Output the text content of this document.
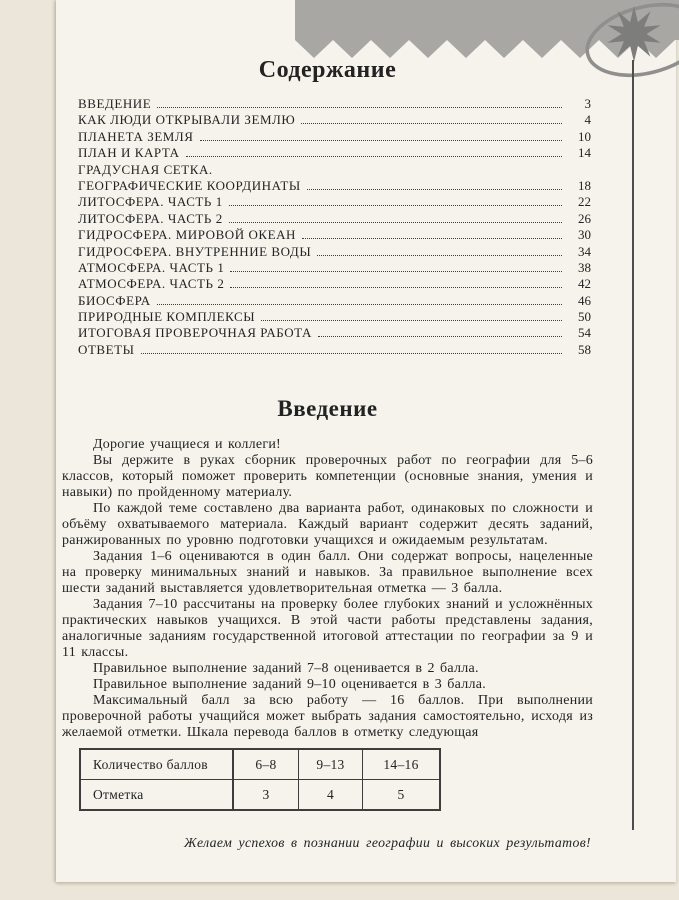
Содержание
ВВЕДЕНИЕ	3
КАК ЛЮДИ ОТКРЫВАЛИ ЗЕМЛЮ	4
ПЛАНЕТА ЗЕМЛЯ	10
ПЛАН И КАРТА	14
ГРАДУСНАЯ СЕТКА.
ГЕОГРАФИЧЕСКИЕ КООРДИНАТЫ	18
ЛИТОСФЕРА. ЧАСТЬ 1	22
ЛИТОСФЕРА. ЧАСТЬ 2	26
ГИДРОСФЕРА. МИРОВОЙ ОКЕАН	30
ГИДРОСФЕРА. ВНУТРЕННИЕ ВОДЫ	34
АТМОСФЕРА. ЧАСТЬ 1	38
АТМОСФЕРА. ЧАСТЬ 2	42
БИОСФЕРА	46
ПРИРОДНЫЕ КОМПЛЕКСЫ	50
ИТОГОВАЯ ПРОВЕРОЧНАЯ РАБОТА	54
ОТВЕТЫ	58
Введение

Дорогие учащиеся и коллеги!

Вы держите в руках сборник проверочных работ по географии для 5–6 классов, который поможет проверить компетенции (основные знания, умения и навыки) по пройденному материалу.

По каждой теме составлено два варианта работ, одинаковых по сложности и объёму охватываемого материала. Каждый вариант содержит десять заданий, ранжированных по уровню подготовки учащихся и ожидаемым результатам.

Задания 1–6 оцениваются в один балл. Они содержат вопросы, нацеленные на проверку минимальных знаний и навыков. За правильное выполнение всех шести заданий выставляется удовлетворительная отметка — 3 балла.

Задания 7–10 рассчитаны на проверку более глубоких знаний и усложнённых практических навыков учащихся. В этой части работы представлены задания, аналогичные заданиям государственной итоговой аттестации по географии за 9 и 11 классы.

Правильное выполнение заданий 7–8 оценивается в 2 балла.

Правильное выполнение заданий 9–10 оценивается в 3 балла.

Максимальный балл за всю работу — 16 баллов. При выполнении проверочной работы учащийся может выбрать задания самостоятельно, исходя из желаемой отметки. Шкала перевода баллов в отметку следующая

Количество баллов	6–8	9–13	14–16
Отметка	3	4	5
Желаем успехов в познании географии и высоких результатов!
